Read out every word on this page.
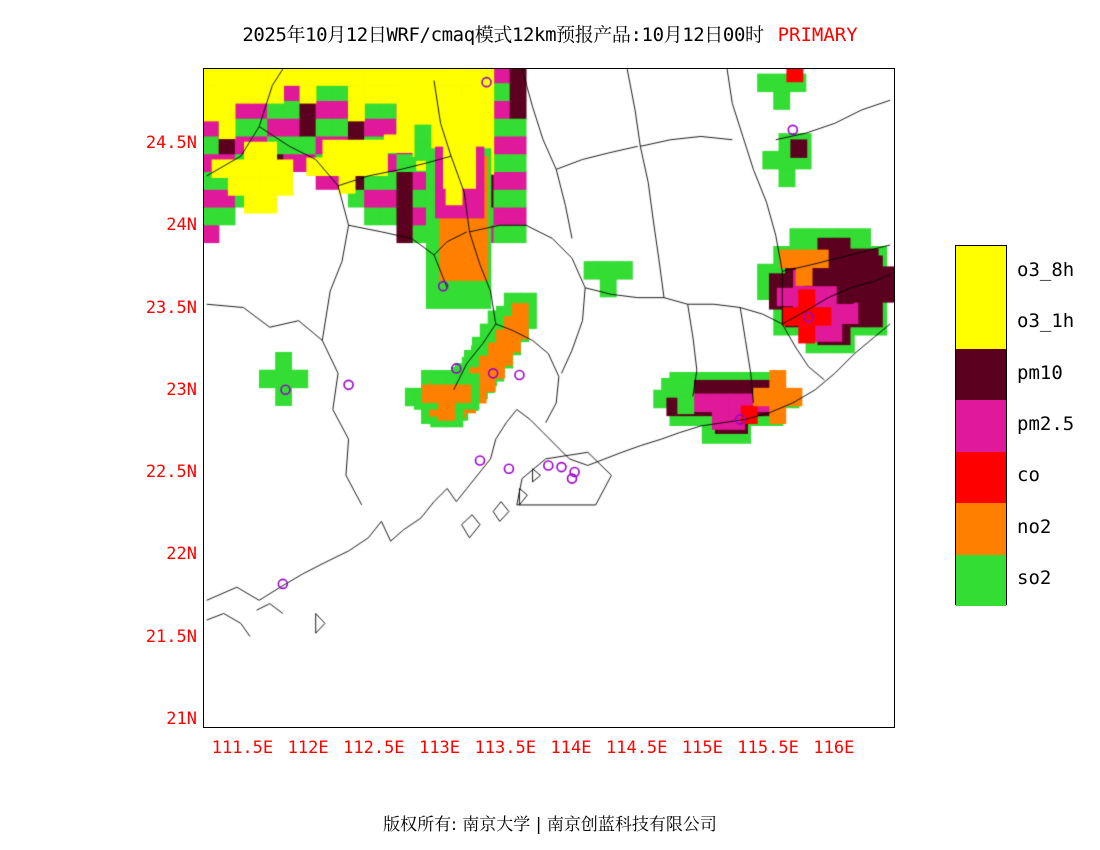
2025年10月12日WRF/cmaq模式12km预报产品:10月12日00时 PRIMARY
24.5N
24N
23.5N
23N
22.5N
22N
21.5N
21N
111.5E 112E 112.5E 113E 113.5E 114E 114.5E 115E 115.5E 116E
o3_8h
o3_1h
pm10
pm2.5
co
no2
so2
版权所有: 南京大学 | 南京创蓝科技有限公司
